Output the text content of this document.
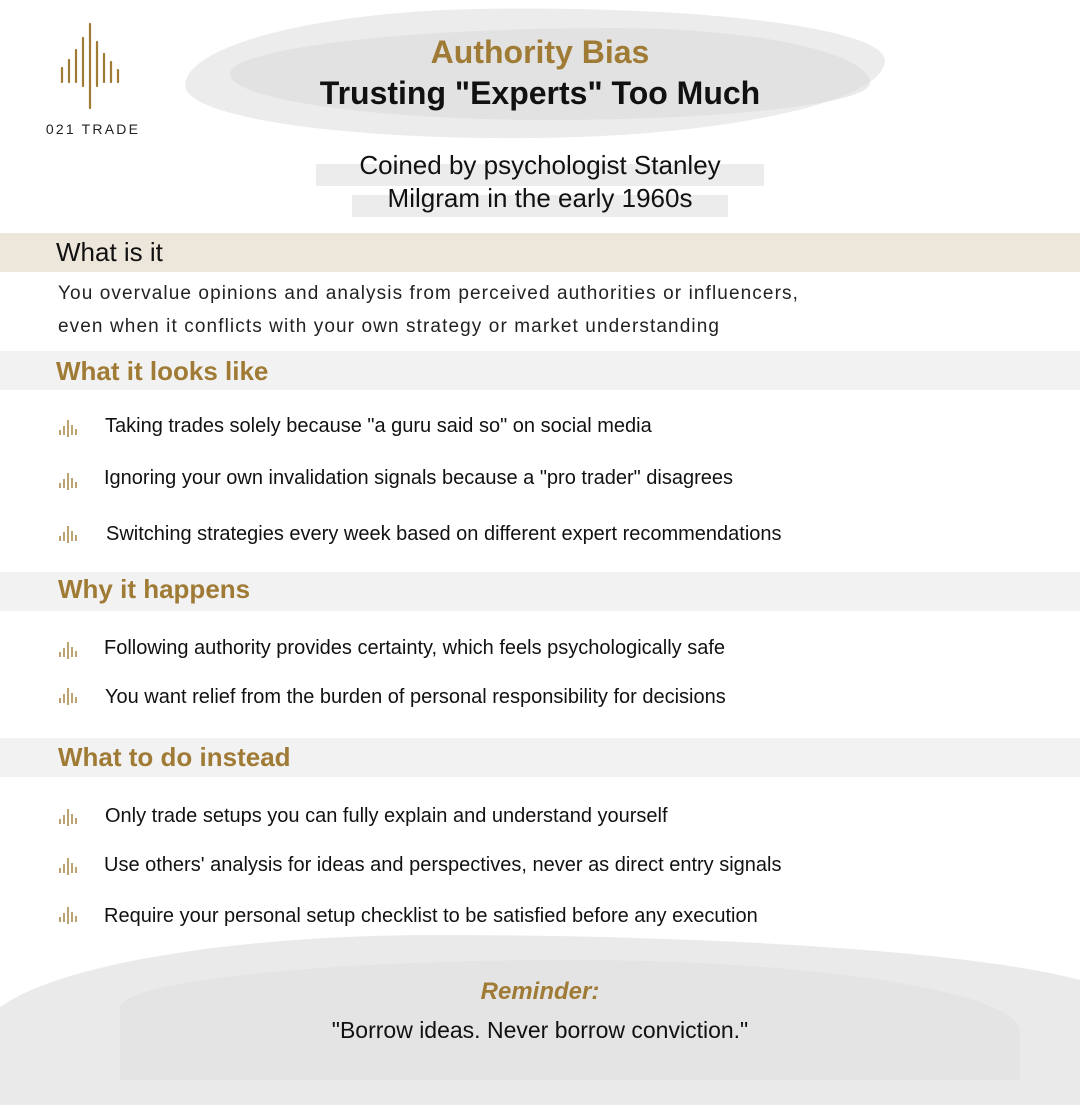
021 TRADE
Authority Bias
Trusting "Experts" Too Much
Coined by psychologist Stanley
Milgram in the early 1960s
What is it
You overvalue opinions and analysis from perceived authorities or influencers,
even when it conflicts with your own strategy or market understanding
What it looks like
Taking trades solely because "a guru said so" on social media
Ignoring your own invalidation signals because a "pro trader" disagrees
Switching strategies every week based on different expert recommendations
Why it happens
Following authority provides certainty, which feels psychologically safe
You want relief from the burden of personal responsibility for decisions
What to do instead
Only trade setups you can fully explain and understand yourself
Use others' analysis for ideas and perspectives, never as direct entry signals
Require your personal setup checklist to be satisfied before any execution
Reminder:
"Borrow ideas. Never borrow conviction."
